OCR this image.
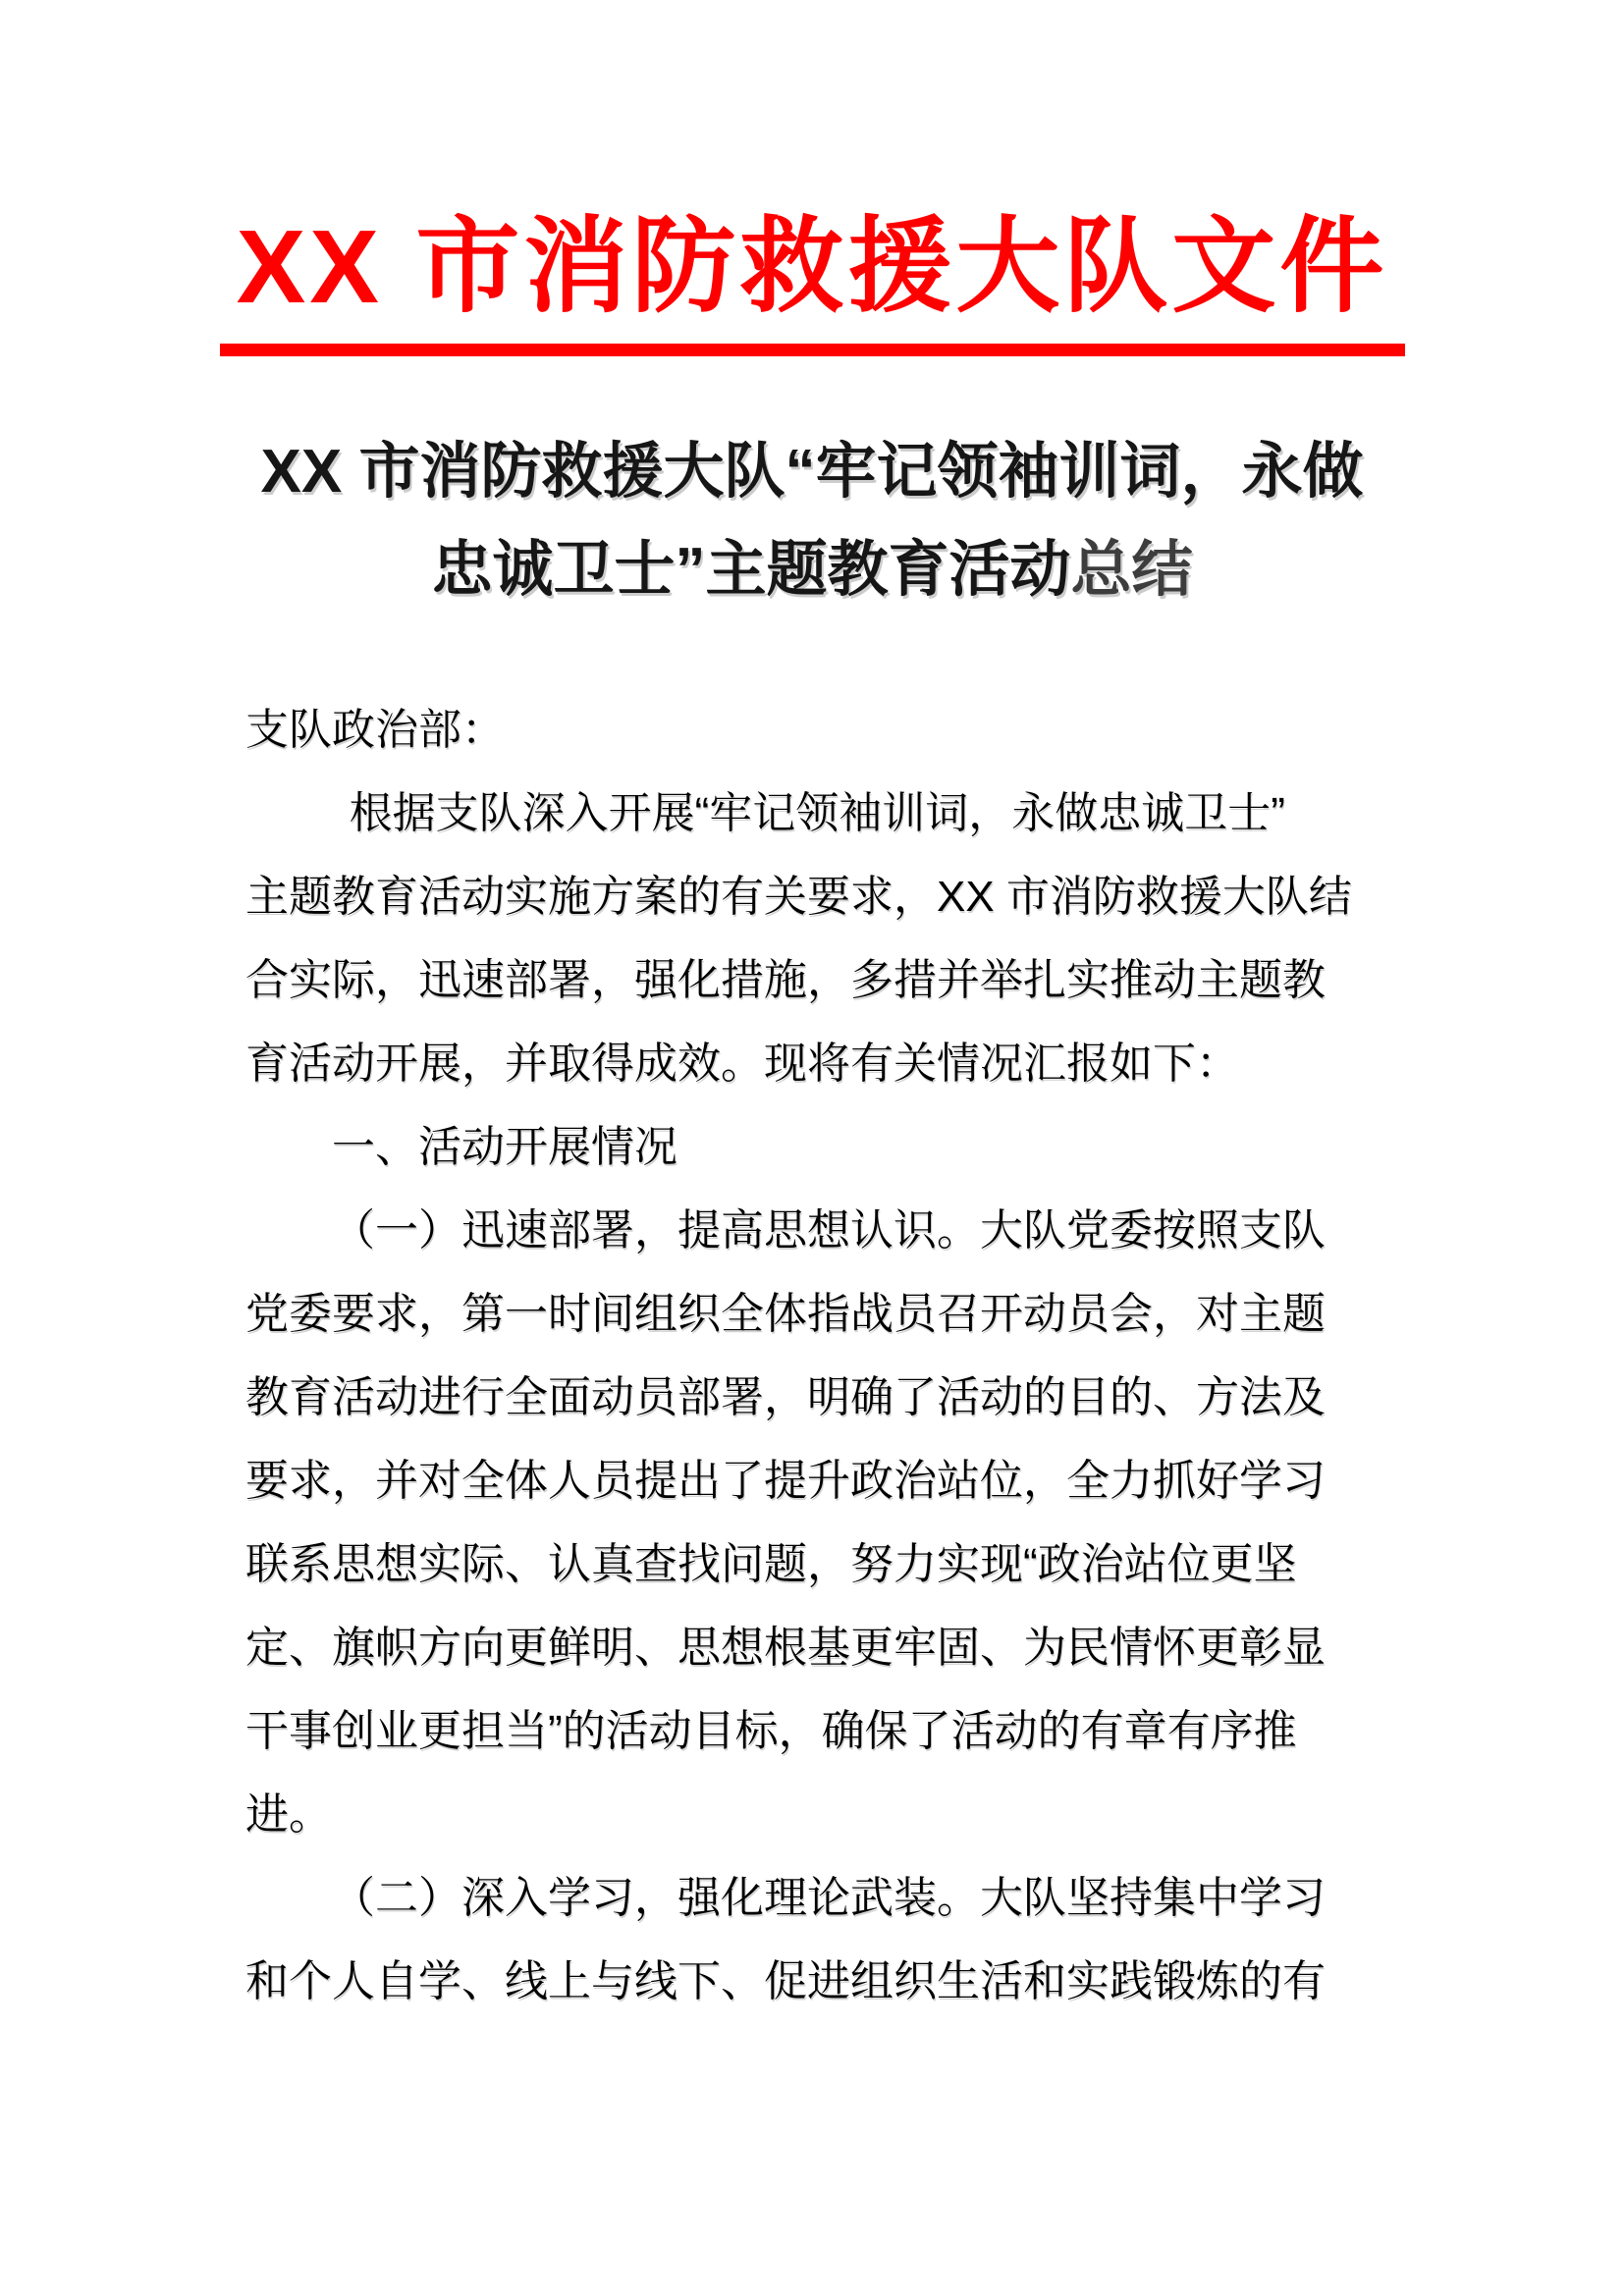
XX 市消防救援大队文件
XX 市消防救援大队“牢记领袖训词，永做
忠诚卫士”主题教育活动总结
支队政治部：
根据支队深入开展“牢记领袖训词，永做忠诚卫士”
主题教育活动实施方案的有关要求，XX 市消防救援大队结
合实际，迅速部署，强化措施，多措并举扎实推动主题教
育活动开展，并取得成效。现将有关情况汇报如下：
一、活动开展情况
（一）迅速部署，提高思想认识。大队党委按照支队
党委要求，第一时间组织全体指战员召开动员会，对主题
教育活动进行全面动员部署，明确了活动的目的、方法及
要求，并对全体人员提出了提升政治站位，全力抓好学习
联系思想实际、认真查找问题，努力实现“政治站位更坚
定、旗帜方向更鲜明、思想根基更牢固、为民情怀更彰显
干事创业更担当”的活动目标，确保了活动的有章有序推
进。
（二）深入学习，强化理论武装。大队坚持集中学习
和个人自学、线上与线下、促进组织生活和实践锻炼的有
